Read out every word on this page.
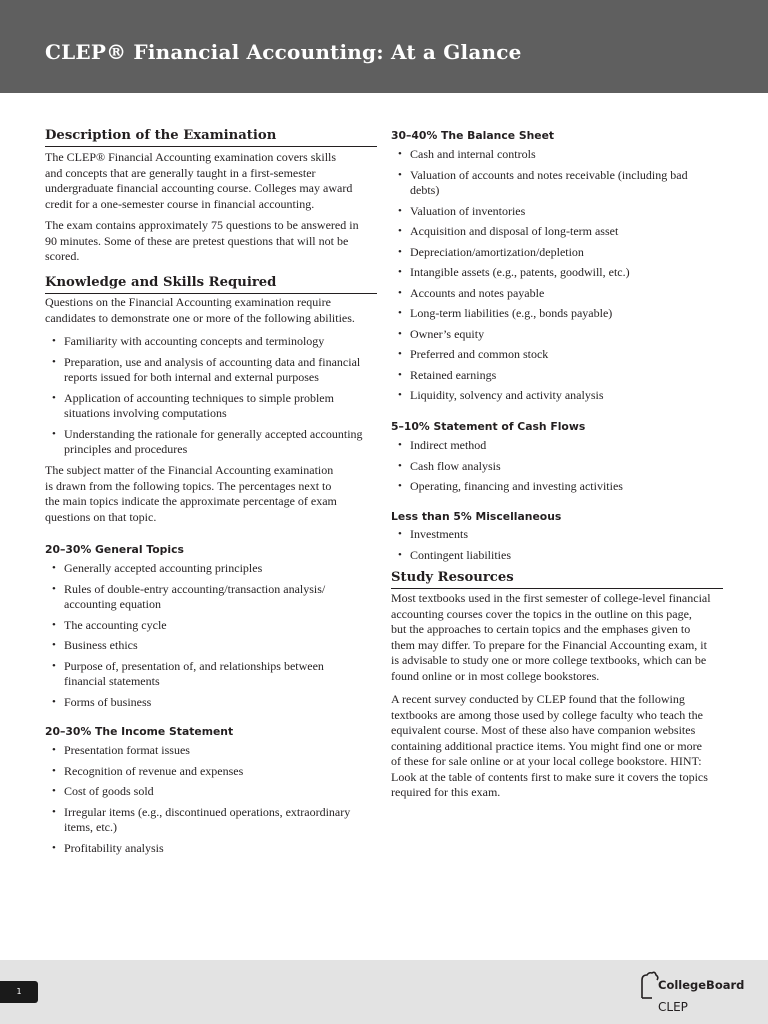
CLEP® Financial Accounting: At a Glance
Description of the Examination
The CLEP® Financial Accounting examination covers skills
and concepts that are generally taught in a first-semester
undergraduate financial accounting course. Colleges may award
credit for a one-semester course in financial accounting.
The exam contains approximately 75 questions to be answered in
90 minutes. Some of these are pretest questions that will not be
scored.
Knowledge and Skills Required
Questions on the Financial Accounting examination require
candidates to demonstrate one or more of the following abilities.
• Familiarity with accounting concepts and terminology
• Preparation, use and analysis of accounting data and financial
reports issued for both internal and external purposes
• Application of accounting techniques to simple problem
situations involving computations
• Understanding the rationale for generally accepted accounting
principles and procedures
The subject matter of the Financial Accounting examination
is drawn from the following topics. The percentages next to
the main topics indicate the approximate percentage of exam
questions on that topic.
20–30% General Topics
• Generally accepted accounting principles
• Rules of double-entry accounting/transaction analysis/
accounting equation
• The accounting cycle
• Business ethics
• Purpose of, presentation of, and relationships between
financial statements
• Forms of business
20–30% The Income Statement
• Presentation format issues
• Recognition of revenue and expenses
• Cost of goods sold
• Irregular items (e.g., discontinued operations, extraordinary
items, etc.)
• Profitability analysis
30–40% The Balance Sheet
• Cash and internal controls
• Valuation of accounts and notes receivable (including bad
debts)
• Valuation of inventories
• Acquisition and disposal of long-term asset
• Depreciation/amortization/depletion
• Intangible assets (e.g., patents, goodwill, etc.)
• Accounts and notes payable
• Long-term liabilities (e.g., bonds payable)
• Owner’s equity
• Preferred and common stock
• Retained earnings
• Liquidity, solvency and activity analysis
5–10% Statement of Cash Flows
• Indirect method
• Cash flow analysis
• Operating, financing and investing activities
Less than 5% Miscellaneous
• Investments
• Contingent liabilities
Study Resources
Most textbooks used in the first semester of college-level financial
accounting courses cover the topics in the outline on this page,
but the approaches to certain topics and the emphases given to
them may differ. To prepare for the Financial Accounting exam, it
is advisable to study one or more college textbooks, which can be
found online or in most college bookstores.
A recent survey conducted by CLEP found that the following
textbooks are among those used by college faculty who teach the
equivalent course. Most of these also have companion websites
containing additional practice items. You might find one or more
of these for sale online or at your local college bookstore. HINT:
Look at the table of contents first to make sure it covers the topics
required for this exam.
1	CollegeBoard
CLEP
